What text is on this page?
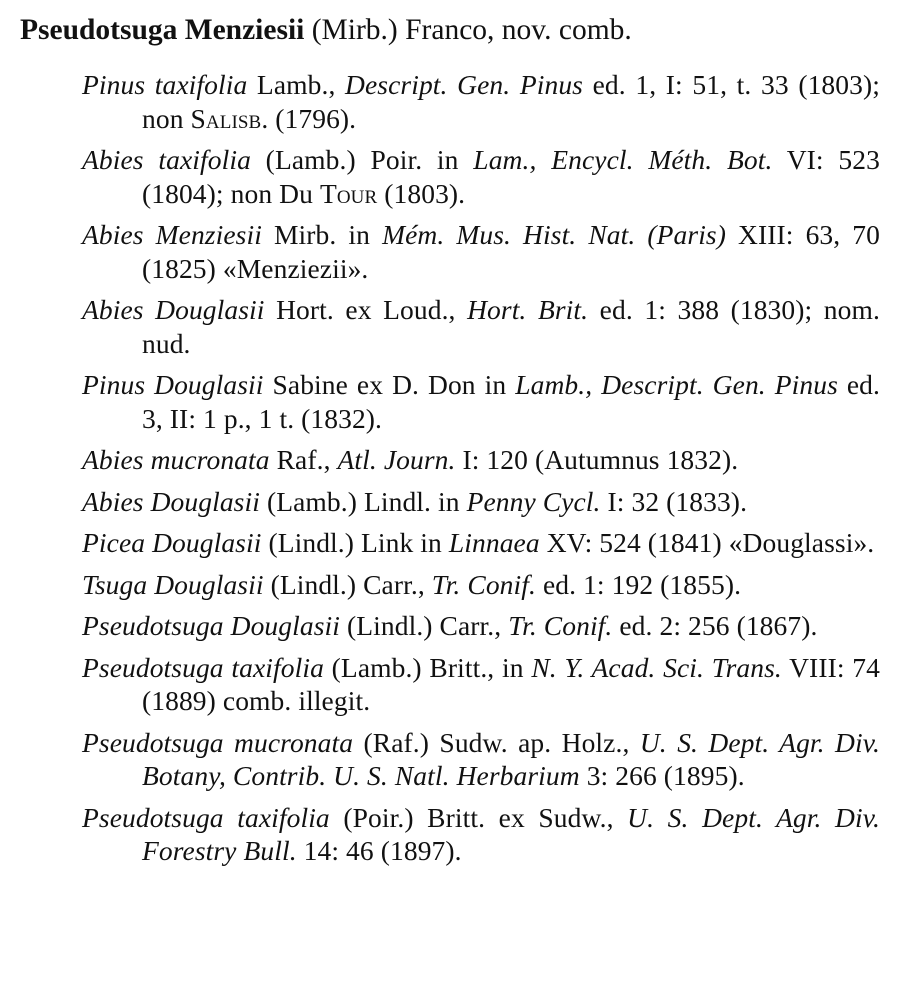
Pseudotsuga Menziesii (Mirb.) Franco, nov. comb.
Pinus taxifolia Lamb., Descript. Gen. Pinus ed. 1, I: 51, t. 33 (1803); non Salisb. (1796).
Abies taxifolia (Lamb.) Poir. in Lam., Encycl. Méth. Bot. VI: 523 (1804); non Du Tour (1803).
Abies Menziesii Mirb. in Mém. Mus. Hist. Nat. (Paris) XIII: 63, 70 (1825) «Menziezii».
Abies Douglasii Hort. ex Loud., Hort. Brit. ed. 1: 388 (1830); nom. nud.
Pinus Douglasii Sabine ex D. Don in Lamb., Descript. Gen. Pinus ed. 3, II: 1 p., 1 t. (1832).
Abies mucronata Raf., Atl. Journ. I: 120 (Autumnus 1832).
Abies Douglasii (Lamb.) Lindl. in Penny Cycl. I: 32 (1833).
Picea Douglasii (Lindl.) Link in Linnaea XV: 524 (1841) «Douglassi».
Tsuga Douglasii (Lindl.) Carr., Tr. Conif. ed. 1: 192 (1855).
Pseudotsuga Douglasii (Lindl.) Carr., Tr. Conif. ed. 2: 256 (1867).
Pseudotsuga taxifolia (Lamb.) Britt., in N. Y. Acad. Sci. Trans. VIII: 74 (1889) comb. illegit.
Pseudotsuga mucronata (Raf.) Sudw. ap. Holz., U. S. Dept. Agr. Div. Botany, Contrib. U. S. Natl. Herbarium 3: 266 (1895).
Pseudotsuga taxifolia (Poir.) Britt. ex Sudw., U. S. Dept. Agr. Div. Forestry Bull. 14: 46 (1897).
